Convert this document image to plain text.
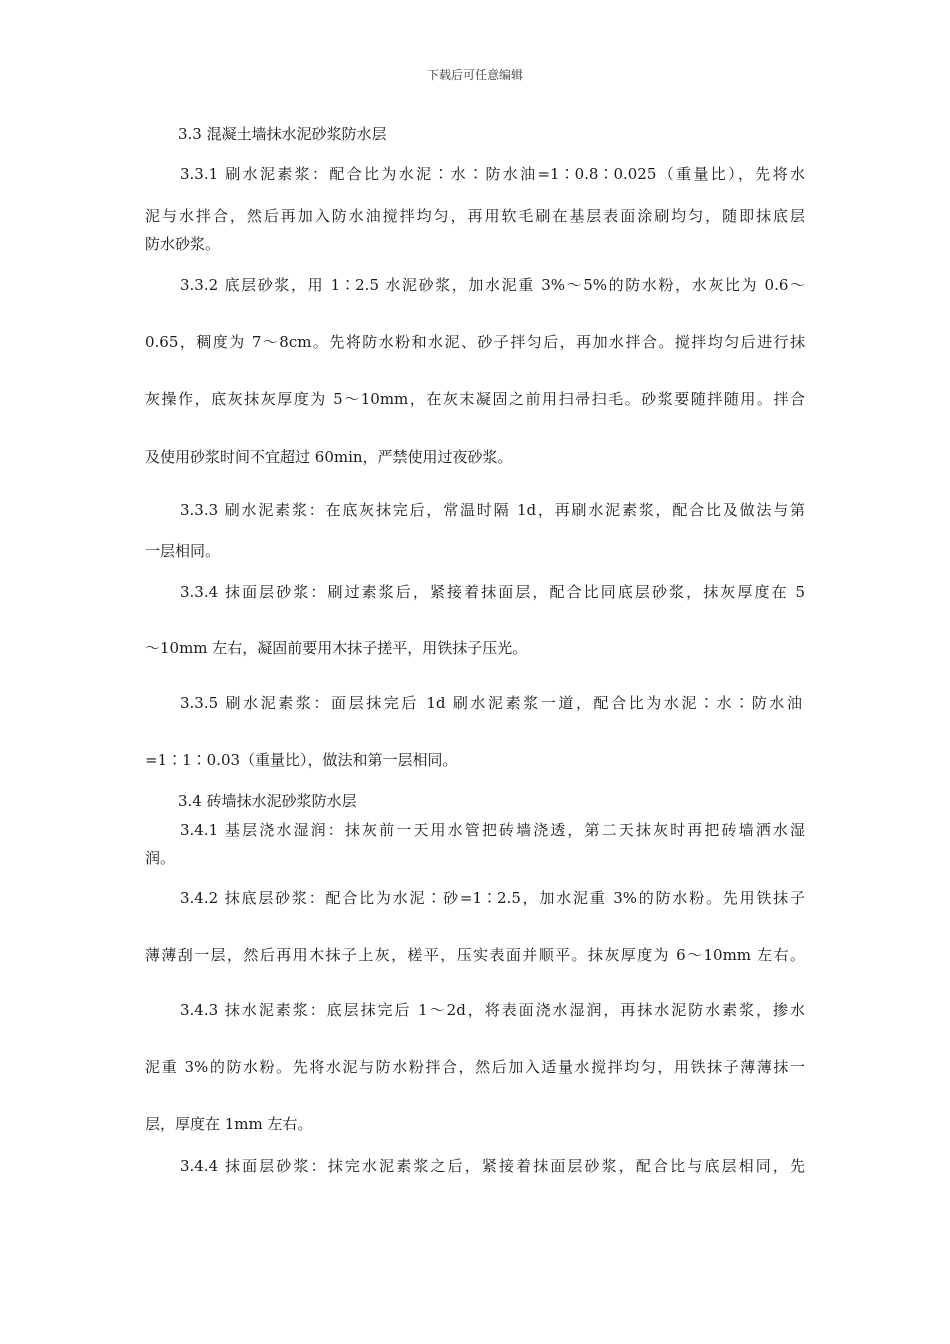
下载后可任意编辑
3.3 混凝土墙抹水泥砂浆防水层
3.3.1 刷水泥素浆：配合比为水泥∶水∶防水油=1∶0.8∶0.025（重量比），先将水
泥与水拌合，然后再加入防水油搅拌均匀，再用软毛刷在基层表面涂刷均匀，随即抹底层
防水砂浆。
3.3.2 底层砂浆，用 1∶2.5 水泥砂浆，加水泥重 3%～5%的防水粉，水灰比为 0.6～
0.65，稠度为 7～8cm。先将防水粉和水泥、砂子拌匀后，再加水拌合。搅拌均匀后进行抹
灰操作，底灰抹灰厚度为 5～10mm，在灰末凝固之前用扫帚扫毛。砂浆要随拌随用。拌合
及使用砂浆时间不宜超过 60min，严禁使用过夜砂浆。
3.3.3 刷水泥素浆：在底灰抹完后，常温时隔 1d，再刷水泥素浆，配合比及做法与第
一层相同。
3.3.4 抹面层砂浆：刷过素浆后，紧接着抹面层，配合比同底层砂浆，抹灰厚度在 5
～10mm 左右，凝固前要用木抹子搓平，用铁抹子压光。
3.3.5 刷水泥素浆：面层抹完后 1d 刷水泥素浆一道，配合比为水泥∶水∶防水油
=1∶1∶0.03（重量比），做法和第一层相同。
3.4 砖墙抹水泥砂浆防水层
3.4.1 基层浇水湿润：抹灰前一天用水管把砖墙浇透，第二天抹灰时再把砖墙洒水湿
润。
3.4.2 抹底层砂浆：配合比为水泥∶砂=1∶2.5，加水泥重 3%的防水粉。先用铁抹子
薄薄刮一层，然后再用木抹子上灰，槎平，压实表面并顺平。抹灰厚度为 6～10mm 左右。
3.4.3 抹水泥素浆：底层抹完后 1～2d，将表面浇水湿润，再抹水泥防水素浆，掺水
泥重 3%的防水粉。先将水泥与防水粉拌合，然后加入适量水搅拌均匀，用铁抹子薄薄抹一
层，厚度在 1mm 左右。
3.4.4 抹面层砂浆：抹完水泥素浆之后，紧接着抹面层砂浆，配合比与底层相同，先
